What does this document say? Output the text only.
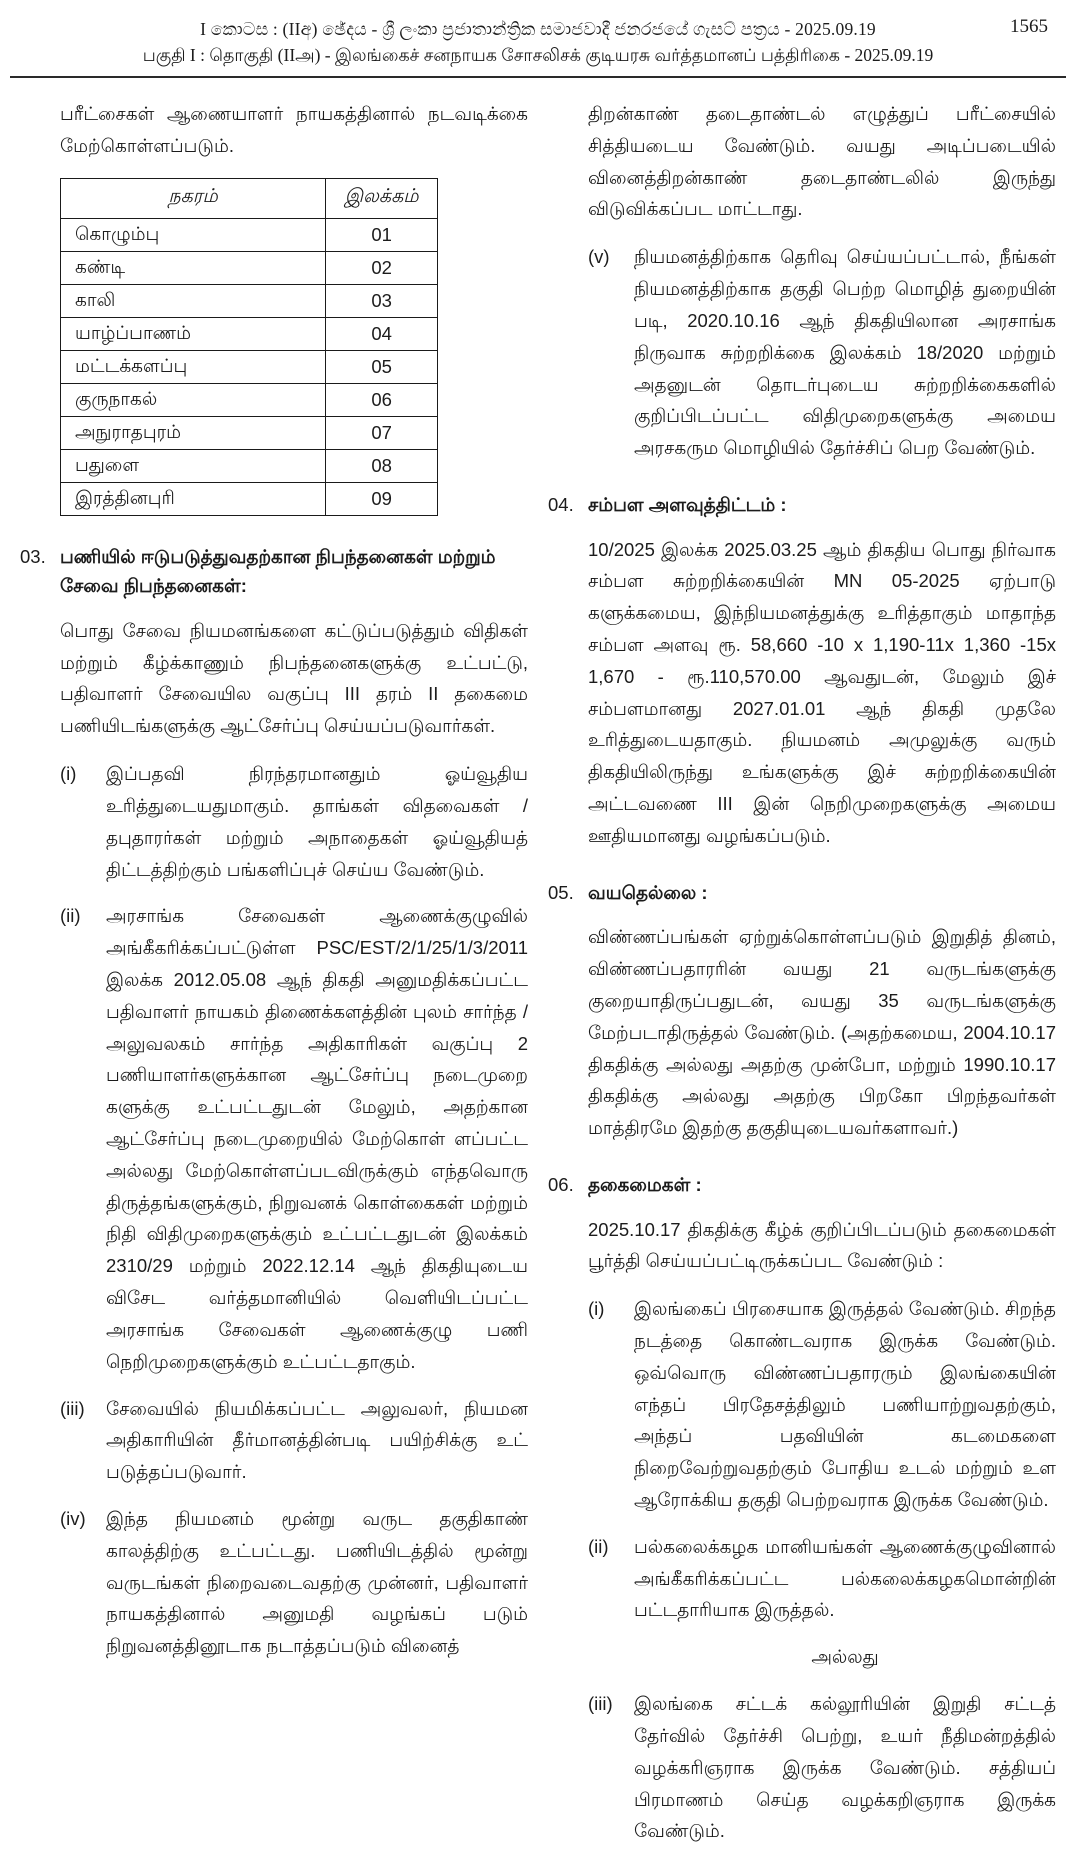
I කොටස : (IIඅ) ඡේදය - ශ්‍රී ලංකා ප්‍රජාතාන්ත්‍රික සමාජවාදී ජනරජයේ ගැසට් පත්‍රය - 2025.09.19	1565
பகுதி I : தொகுதி (IIஅ) - இலங்கைச் சனநாயக சோசலிசக் குடியரசு வர்த்தமானப் பத்திரிகை - 2025.09.19

பரீட்சைகள் ஆணையாளர் நாயகத்தினால் நடவடிக்கை மேற்கொள்ளப்படும்.

நகரம்	இலக்கம்
கொழும்பு	01
கண்டி	02
காலி	03
யாழ்ப்பாணம்	04
மட்டக்களப்பு	05
குருநாகல்	06
அநுராதபுரம்	07
பதுளை	08
இரத்தினபுரி	09
03. பணியில் ஈடுபடுத்துவதற்கான நிபந்தனைகள் மற்றும் சேவை நிபந்தனைகள்:

பொது சேவை நியமனங்களை கட்டுப்படுத்தும் விதிகள் மற்றும் கீழ்க்காணும் நிபந்தனைகளுக்கு உட்பட்டு, பதிவாளர் சேவையில வகுப்பு III தரம் II தகைமை பணியிடங்களுக்கு ஆட்சேர்ப்பு செய்யப்படுவார்கள்.

(i)	இப்பதவி நிரந்தரமானதும் ஓய்வூதிய உரித்துடையதுமாகும். தாங்கள் விதவைகள் / தபுதாரர்கள் மற்றும் அநாதைகள் ஓய்வூதியத் திட்டத்திற்கும் பங்களிப்புச் செய்ய வேண்டும்.
(ii)	அரசாங்க சேவைகள் ஆணைக்குழுவில் அங்கீகரிக்கப்பட்டுள்ள PSC/EST/2/1/25/1/3/2011 இலக்க 2012.05.08 ஆந் திகதி அனுமதிக்கப்பட்ட பதிவாளர் நாயகம் திணைக்களத்தின் புலம் சார்ந்த / அலுவலகம் சார்ந்த அதிகாரிகள் வகுப்பு 2 பணியாளர்களுக்கான ஆட்சேர்ப்பு நடைமுறை களுக்கு உட்பட்டதுடன் மேலும், அதற்கான ஆட்சேர்ப்பு நடைமுறையில் மேற்கொள் ளப்பட்ட அல்லது மேற்கொள்ளப்படவிருக்கும் எந்தவொரு திருத்தங்களுக்கும், நிறுவனக் கொள்கைகள் மற்றும் நிதி விதிமுறைகளுக்கும் உட்பட்டதுடன் இலக்கம் 2310/29 மற்றும் 2022.12.14 ஆந் திகதியுடைய விசேட வர்த்தமானியில் வெளியிடப்பட்ட அரசாங்க சேவைகள் ஆணைக்குழு பணி நெறிமுறைகளுக்கும் உட்பட்டதாகும்.
(iii)	சேவையில் நியமிக்கப்பட்ட அலுவலர், நியமன அதிகாரியின் தீர்மானத்தின்படி பயிற்சிக்கு உட் படுத்தப்படுவார்.
(iv)	இந்த நியமனம் மூன்று வருட தகுதிகாண் காலத்திற்கு உட்பட்டது. பணியிடத்தில் மூன்று வருடங்கள் நிறைவடைவதற்கு முன்னர், பதிவாளர் நாயகத்தினால் அனுமதி வழங்கப் படும் நிறுவனத்தினூடாக நடாத்தப்படும் வினைத்

திறன்காண் தடைதாண்டல் எழுத்துப் பரீட்சையில் சித்தியடைய வேண்டும். வயது அடிப்படையில் வினைத்திறன்காண் தடைதாண்டலில் இருந்து விடுவிக்கப்பட மாட்டாது.

(v)	நியமனத்திற்காக தெரிவு செய்யப்பட்டால், நீங்கள் நியமனத்திற்காக தகுதி பெற்ற மொழித் துறையின் படி, 2020.10.16 ஆந் திகதியிலான அரசாங்க நிருவாக சுற்றறிக்கை இலக்கம் 18/2020 மற்றும் அதனுடன் தொடர்புடைய சுற்றறிக்கைகளில் குறிப்பிடப்பட்ட விதிமுறைகளுக்கு அமைய அரசகரும மொழியில் தேர்ச்சிப் பெற வேண்டும்.
04. சம்பள அளவுத்திட்டம் :

10/2025 இலக்க 2025.03.25 ஆம் திகதிய பொது நிர்வாக சம்பள சுற்றறிக்கையின் MN 05-2025 ஏற்பாடு களுக்கமைய, இந்நியமனத்துக்கு உரித்தாகும் மாதாந்த சம்பள அளவு ரூ. 58,660 -10 x 1,190-11x 1,360 -15x 1,670 - ரூ.110,570.00 ஆவதுடன், மேலும் இச் சம்பளமானது 2027.01.01 ஆந் திகதி முதலே உரித்துடையதாகும். நியமனம் அமுலுக்கு வரும் திகதியிலிருந்து உங்களுக்கு இச் சுற்றறிக்கையின் அட்டவணை III இன் நெறிமுறைகளுக்கு அமைய ஊதியமானது வழங்கப்படும்.

05. வயதெல்லை :

விண்ணப்பங்கள் ஏற்றுக்கொள்ளப்படும் இறுதித் தினம், விண்ணப்பதாரரின் வயது 21 வருடங்களுக்கு குறையாதிருப்பதுடன், வயது 35 வருடங்களுக்கு மேற்படாதிருத்தல் வேண்டும். (அதற்கமைய, 2004.10.17 திகதிக்கு அல்லது அதற்கு முன்போ, மற்றும் 1990.10.17 திகதிக்கு அல்லது அதற்கு பிறகோ பிறந்தவர்கள் மாத்திரமே இதற்கு தகுதியுடையவர்களாவர்.)

06. தகைமைகள் :

2025.10.17 திகதிக்கு கீழ்க் குறிப்பிடப்படும் தகைமைகள் பூர்த்தி செய்யப்பட்டிருக்கப்பட வேண்டும் :

(i)	இலங்கைப் பிரசையாக இருத்தல் வேண்டும். சிறந்த நடத்தை கொண்டவராக இருக்க வேண்டும். ஒவ்வொரு விண்ணப்பதாரரும் இலங்கையின் எந்தப் பிரதேசத்திலும் பணியாற்றுவதற்கும், அந்தப் பதவியின் கடமைகளை நிறைவேற்றுவதற்கும் போதிய உடல் மற்றும் உள ஆரோக்கிய தகுதி பெற்றவராக இருக்க வேண்டும்.
(ii)	பல்கலைக்கழக மானியங்கள் ஆணைக்குழுவினால் அங்கீகரிக்கப்பட்ட பல்கலைக்கழகமொன்றின் பட்டதாரியாக இருத்தல்.
அல்லது
(iii)	இலங்கை சட்டக் கல்லூரியின் இறுதி சட்டத் தேர்வில் தேர்ச்சி பெற்று, உயர் நீதிமன்றத்தில் வழக்கரிஞராக இருக்க வேண்டும். சத்தியப் பிரமாணம் செய்த வழக்கறிஞராக இருக்க வேண்டும்.
